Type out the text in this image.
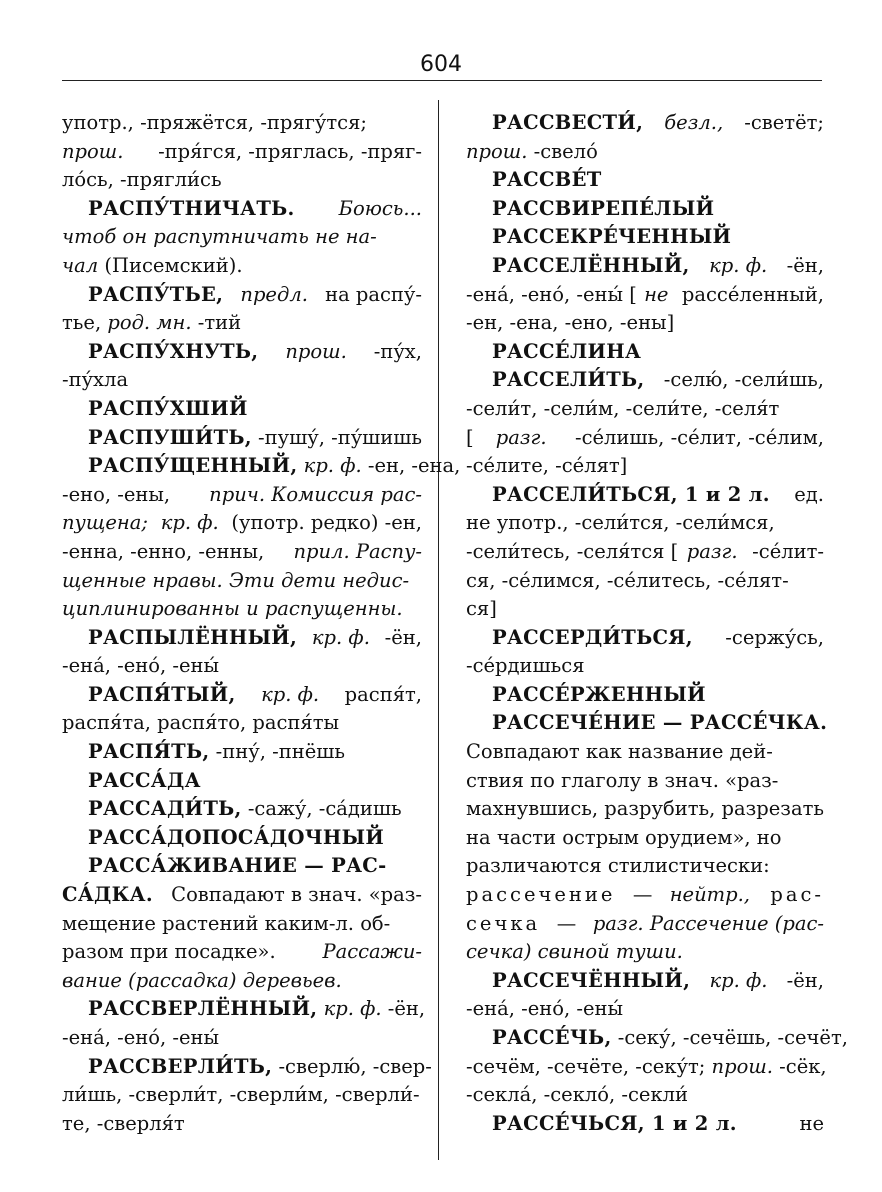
604
употр., -пряжётся, -прягу́тся;
прош. -пря́гся, -пряглась, -пряг-
ло́сь, -прягли́сь
РАСПУ́ТНИЧАТЬ. Боюсь...
чтоб он распутничать не на-
чал (Писемский).
РАСПУ́ТЬЕ, предл. на распу́-
тье, род. мн. -тий
РАСПУ́ХНУТЬ, прош. -пу́х,
-пу́хла
РАСПУ́ХШИЙ
РАСПУШИ́ТЬ, -пушу́, -пу́шишь
РАСПУ́ЩЕННЫЙ, кр. ф. -ен, -ена,
-ено, -ены, прич. Комиссия рас-
пущена; кр. ф. (употр. редко) -ен,
-енна, -енно, -енны, прил. Распу-
щенные нравы. Эти дети недис-
циплинированны и распущенны.
РАСПЫЛЁННЫЙ, кр. ф. -ён,
-ена́, -ено́, -ены́
РАСПЯ́ТЫЙ, кр. ф. распя́т,
распя́та, распя́то, распя́ты
РАСПЯ́ТЬ, -пну́, -пнёшь
РАССА́ДА
РАССАДИ́ТЬ, -сажу́, -са́дишь
РАССА́ДОПОСА́ДОЧНЫЙ
РАССА́ЖИВАНИЕ — РАС-
СА́ДКА. Совпадают в знач. «раз-
мещение растений каким-л. об-
разом при посадке». Рассажи-
вание (рассадка) деревьев.
РАССВЕРЛЁННЫЙ, кр. ф. -ён,
-ена́, -ено́, -ены́
РАССВЕРЛИ́ТЬ, -сверлю́, -свер-
ли́шь, -сверли́т, -сверли́м, -сверли́-
те, -сверля́т
РАССВЕСТИ́, безл., -светёт;
прош. -свело́
РАССВЕ́Т
РАССВИРЕПЕ́ЛЫЙ
РАССЕКРЕ́ЧЕННЫЙ
РАССЕЛЁННЫЙ, кр. ф. -ён,
-ена́, -ено́, -ены́ [ не рассе́ленный,
-ен, -ена, -ено, -ены]
РАССЕ́ЛИНА
РАССЕЛИ́ТЬ, -селю́, -сели́шь,
-сели́т, -сели́м, -сели́те, -селя́т
[ разг. -се́лишь, -се́лит, -се́лим,
-се́лите, -се́лят]
РАССЕЛИ́ТЬСЯ, 1 и 2 л. ед.
не употр., -сели́тся, -сели́мся,
-сели́тесь, -селя́тся [ разг. -се́лит-
ся, -се́лимся, -се́литесь, -се́лят-
ся]
РАССЕРДИ́ТЬСЯ, -сержу́сь,
-се́рдишься
РАССЕ́РЖЕННЫЙ
РАССЕЧЕ́НИЕ — РАССЕ́ЧКА.
Совпадают как название дей-
ствия по глаголу в знач. «раз-
махнувшись, разрубить, разрезать
на части острым орудием», но
различаются стилистически:
рассечение — нейтр., рас-
сечка — разг. Рассечение (рас-
сечка) свиной туши.
РАССЕЧЁННЫЙ, кр. ф. -ён,
-ена́, -ено́, -ены́
РАССЕ́ЧЬ, -секу́, -сечёшь, -сечёт,
-сечём, -сечёте, -секу́т; прош. -сёк,
-секла́, -секло́, -секли́
РАССЕ́ЧЬСЯ, 1 и 2 л.	не
